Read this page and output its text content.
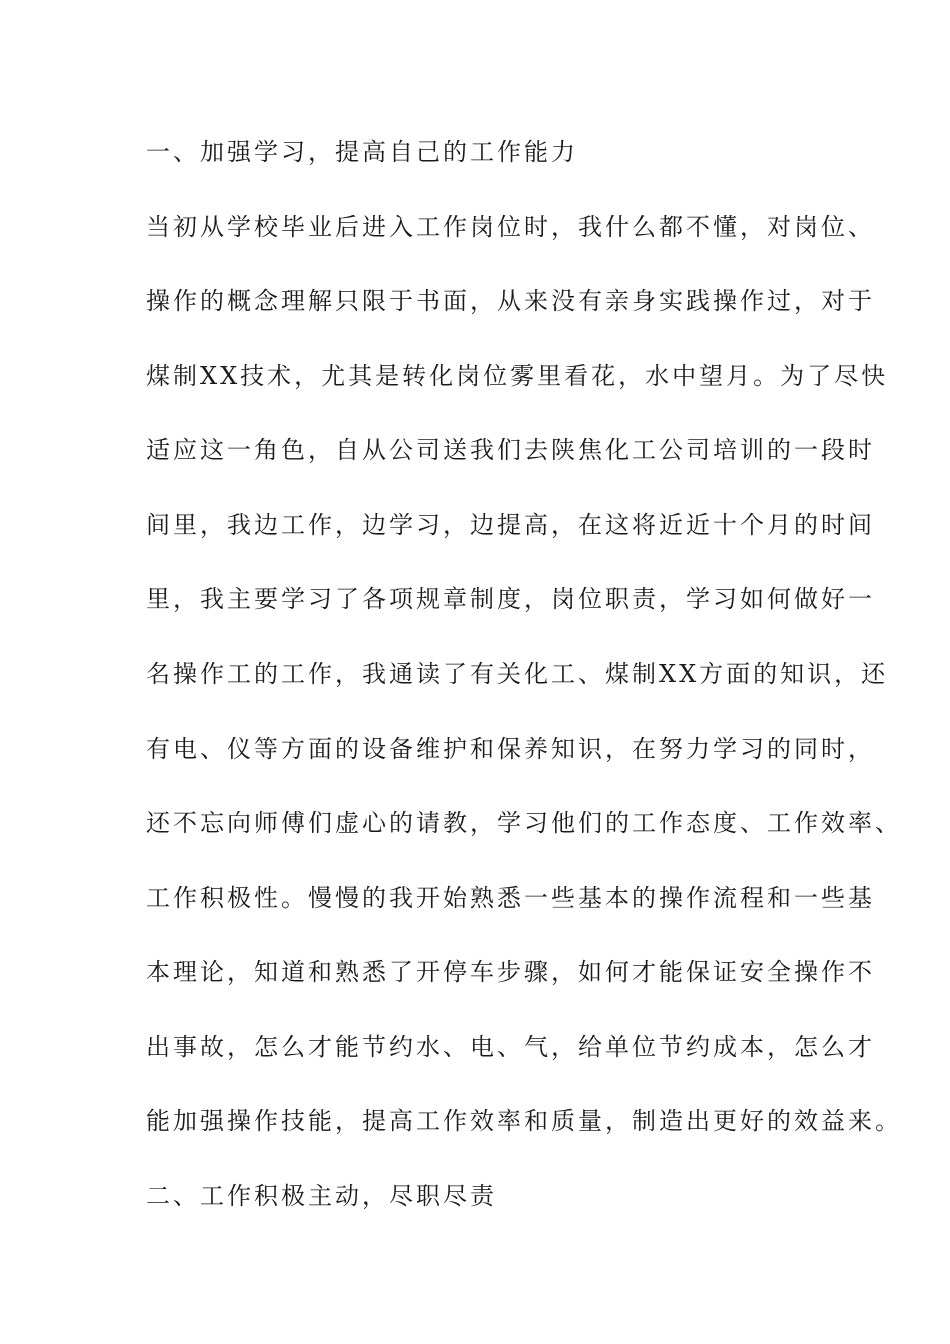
一、加强学习，提高自己的工作能力
当初从学校毕业后进入工作岗位时，我什么都不懂，对岗位、
操作的概念理解只限于书面，从来没有亲身实践操作过，对于
煤制XX技术，尤其是转化岗位雾里看花，水中望月。为了尽快
适应这一角色，自从公司送我们去陕焦化工公司培训的一段时
间里，我边工作，边学习，边提高，在这将近近十个月的时间
里，我主要学习了各项规章制度，岗位职责，学习如何做好一
名操作工的工作，我通读了有关化工、煤制XX方面的知识，还
有电、仪等方面的设备维护和保养知识，在努力学习的同时，
还不忘向师傅们虚心的请教，学习他们的工作态度、工作效率、
工作积极性。慢慢的我开始熟悉一些基本的操作流程和一些基
本理论，知道和熟悉了开停车步骤，如何才能保证安全操作不
出事故，怎么才能节约水、电、气，给单位节约成本，怎么才
能加强操作技能，提高工作效率和质量，制造出更好的效益来。
二、工作积极主动，尽职尽责
